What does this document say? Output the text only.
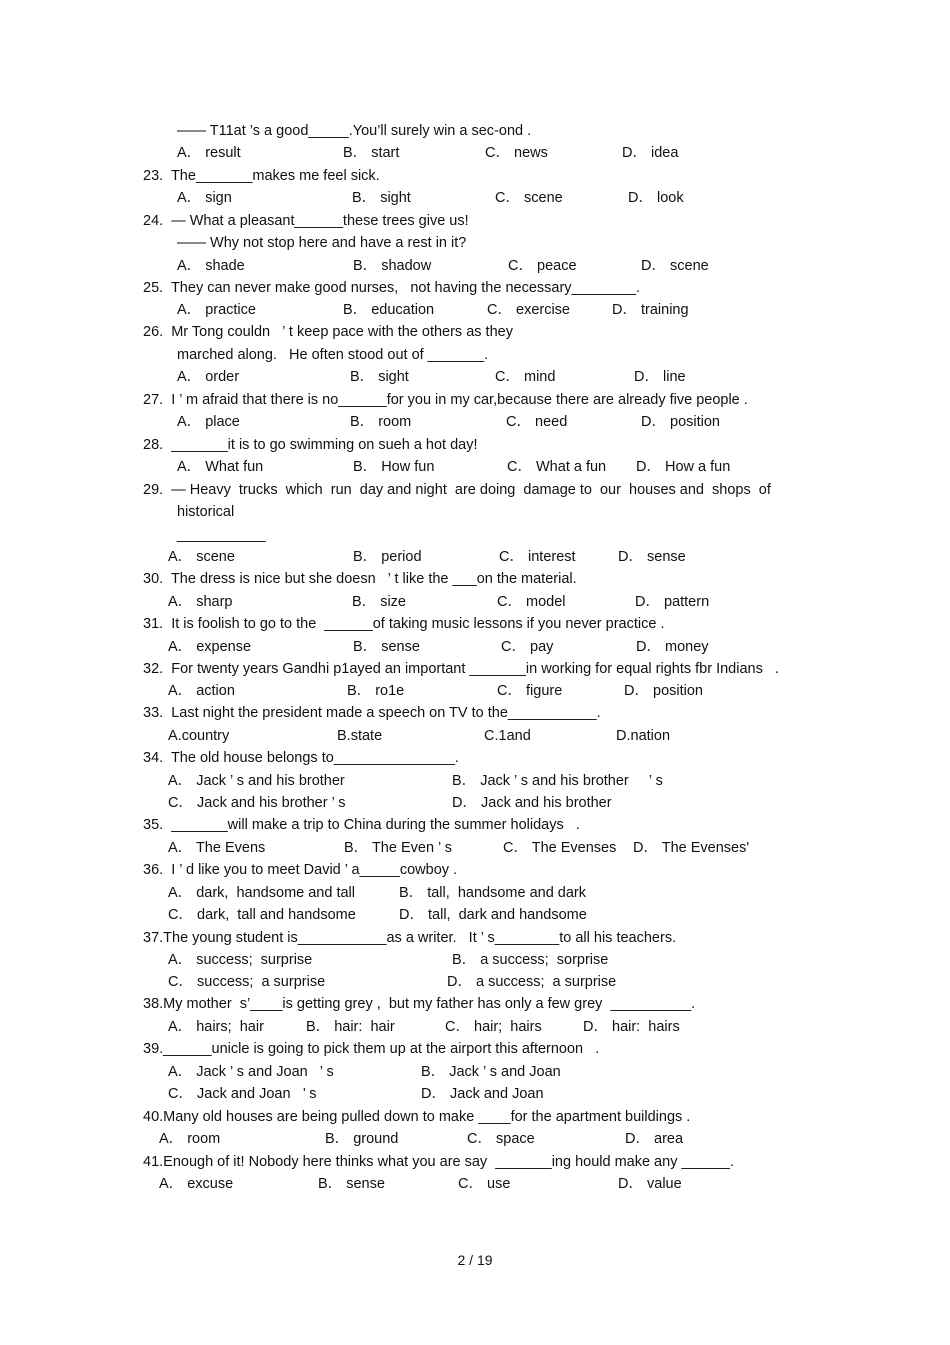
—— T11at ’s a good_____.You’ll surely win a sec-ond .
A． result	B． start	C． news	D． idea
23.  The_______makes me feel sick.
A． sign	B． sight	C． scene	D． look
24.  — What a pleasant______these trees give us!
—— Why not stop here and have a rest in it?
A． shade	B． shadow	C． peace	D． scene
25.  They can never make good nurses,   not having the necessary________.
A． practice	B． education	C． exercise	D． training
26.  Mr Tong couldn   ’ t keep pace with the others as they
marched along.   He often stood out of _______.
A． order	B． sight	C． mind	D． line
27.  I ’ m afraid that there is no______for you in my car,because there are already five people .
A． place	B． room	C． need	D． position
28.  _______it is to go swimming on sueh a hot day!
A． What fun	B． How fun	C． What a fun D． How a fun
29.  — Heavy  trucks  which  run  day and night  are doing  damage to  our  houses and  shops  of
historical
___________
A． scene	B． period	C． interest	D． sense
30.  The dress is nice but she doesn   ’ t like the ___on the material.
A． sharp	B． size	C． model	D． pattern
31.  It is foolish to go to the  ______of taking music lessons if you never practice .
A． expense	B． sense	C． pay	D． money
32.  For twenty years Gandhi p1ayed an important _______in working for equal rights fbr Indians   .
A． action	B． ro1e	C． figure	D． position
33.  Last night the president made a speech on TV to the___________.
A.country	B.state	C.1and	D.nation
34.  The old house belongs to_______________.
A． Jack ’ s and his brother	B． Jack ’ s and his brother     ’ s
C． Jack and his brother ’ s	D． Jack and his brother
35.  _______will make a trip to China during the summer holidays   .
A． The Evens	B． The Even ’ s	C． The Evenses D． The Evenses'
36.  I ’ d like you to meet David ’ a_____cowboy .
A． dark,  handsome and tall	B． tall,  handsome and dark
C． dark,  tall and handsome	D． tall,  dark and handsome
37.The young student is___________as a writer.   It ’ s________to all his teachers.
A． success;  surprise	B． a success;  sorprise
C． success;  a surprise	D． a success;  a surprise
38.My mother  s’____is getting grey ,  but my father has only a few grey  __________.
A． hairs;  hair	B． hair:  hair	C． hair;  hairs	D． hair:  hairs
39.______unicle is going to pick them up at the airport this afternoon   .
A． Jack ’ s and Joan   ’ s	B． Jack ’ s and Joan
C． Jack and Joan   ’ s	D． Jack and Joan
40.Many old houses are being pulled down to make ____for the apartment buildings .
A． room	B． ground	C． space	D． area
41.Enough of it! Nobody here thinks what you are say  _______ing hould make any ______.
A． excuse	B． sense	C． use	D． value
2 / 19
